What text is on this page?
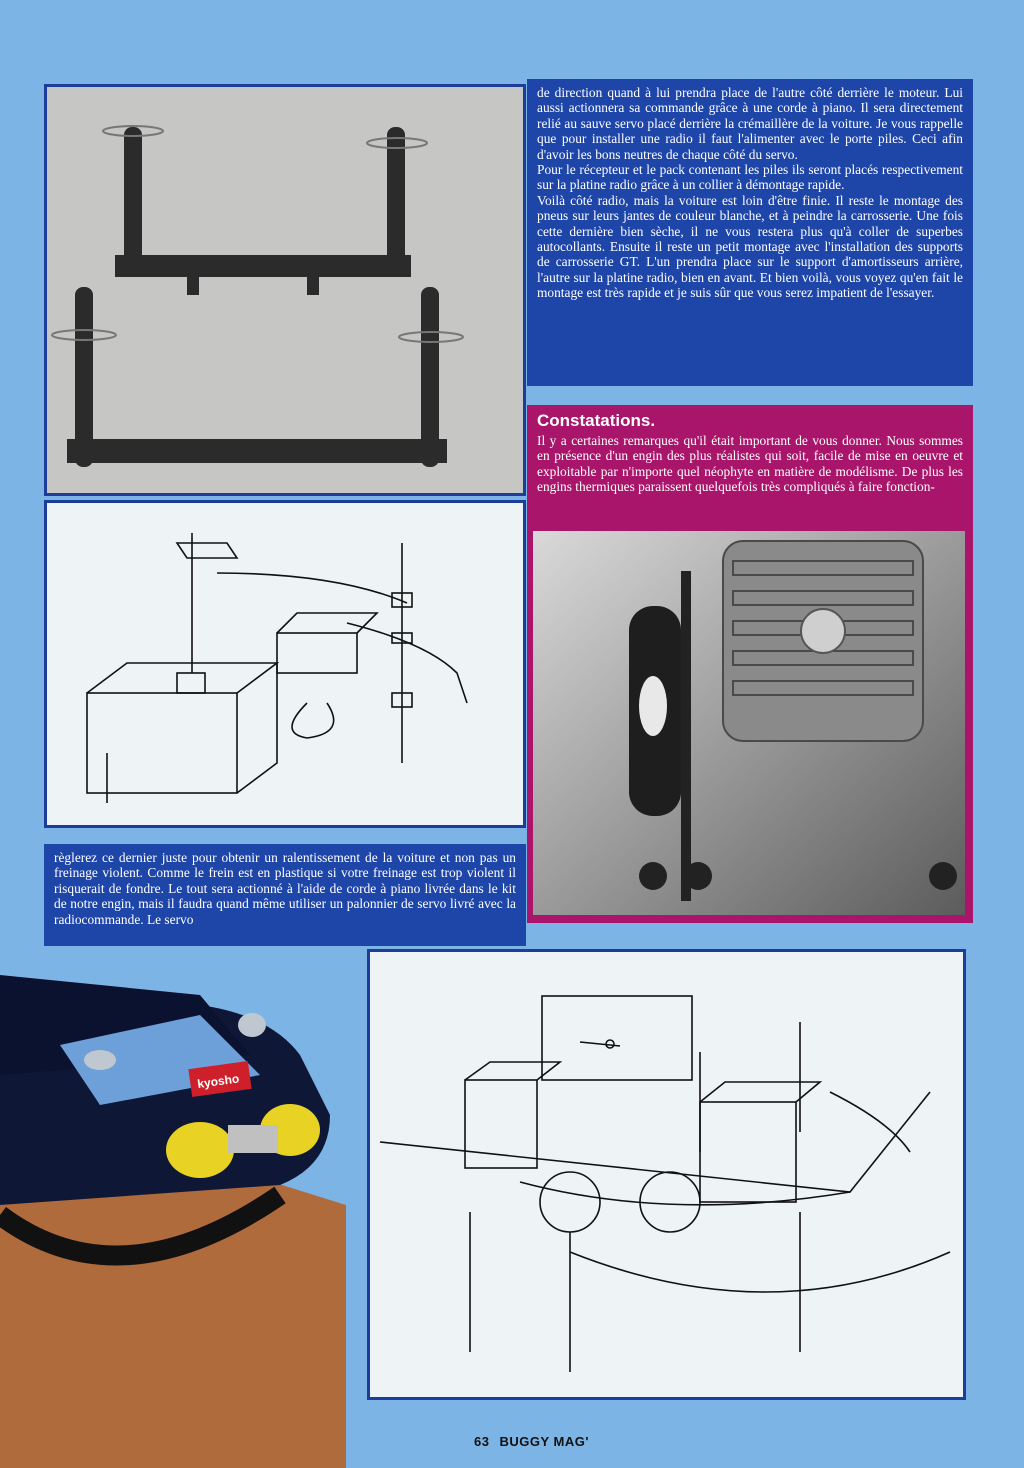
de direction quand à lui prendra place de l'autre côté derrière le moteur. Lui aussi actionnera sa commande grâce à une corde à piano. Il sera directement relié au sauve servo placé derrière la crémaillère de la voiture. Je vous rappelle que pour installer une radio il faut l'alimenter avec le porte piles. Ceci afin d'avoir les bons neutres de chaque côté du servo.

Pour le récepteur et le pack contenant les piles ils seront placés respectivement sur la platine radio grâce à un collier à démontage rapide.

Voilà côté radio, mais la voiture est loin d'être finie. Il reste le montage des pneus sur leurs jantes de couleur blanche, et à peindre la carrosserie. Une fois cette dernière bien sèche, il ne vous restera plus qu'à coller de superbes autocollants. Ensuite il reste un petit montage avec l'installation des supports de carrosserie GT. L'un prendra place sur le support d'amortisseurs arrière, l'autre sur la platine radio, bien en avant. Et bien voilà, vous voyez qu'en fait le montage est très rapide et je suis sûr que vous serez impatient de l'essayer.

Constatations.

Il y a certaines remarques qu'il était important de vous donner. Nous sommes en présence d'un engin des plus réalistes qui soit, facile de mise en oeuvre et exploitable par n'importe quel néophyte en matière de modélisme. De plus les engins thermiques paraissent quelquefois très compliqués à faire fonction-

règlerez ce dernier juste pour obtenir un ralentissement de la voiture et non pas un freinage violent. Comme le frein est en plastique si votre freinage est trop violent il risquerait de fondre. Le tout sera actionné à l'aide de corde à piano livrée dans le kit de notre engin, mais il faudra quand même utiliser un palonnier de servo livré avec la radiocommande. Le servo

kyosho
63 BUGGY MAG'
